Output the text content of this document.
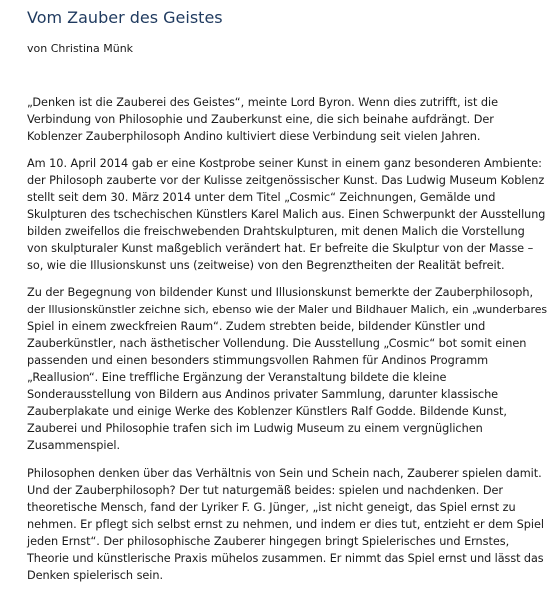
Vom Zauber des Geistes

von Christina Münk

„Denken ist die Zauberei des Geistes“, meinte Lord Byron. Wenn dies zutrifft, ist die

Verbindung von Philosophie und Zauberkunst eine, die sich beinahe aufdrängt. Der

Koblenzer Zauberphilosoph Andino kultiviert diese Verbindung seit vielen Jahren.

Am 10. April 2014 gab er eine Kostprobe seiner Kunst in einem ganz besonderen Ambiente:

der Philosoph zauberte vor der Kulisse zeitgenössischer Kunst. Das Ludwig Museum Koblenz

stellt seit dem 30. März 2014 unter dem Titel „Cosmic“ Zeichnungen, Gemälde und

Skulpturen des tschechischen Künstlers Karel Malich aus. Einen Schwerpunkt der Ausstellung

bilden zweifellos die freischwebenden Drahtskulpturen, mit denen Malich die Vorstellung

von skulpturaler Kunst maßgeblich verändert hat. Er befreite die Skulptur von der Masse –

so, wie die Illusionskunst uns (zeitweise) von den Begrenztheiten der Realität befreit.

Zu der Begegnung von bildender Kunst und Illusionskunst bemerkte der Zauberphilosoph,

der Illusionskünstler zeichne sich, ebenso wie der Maler und Bildhauer Malich, ein „wunderbares

Spiel in einem zweckfreien Raum“. Zudem strebten beide, bildender Künstler und

Zauberkünstler, nach ästhetischer Vollendung. Die Ausstellung „Cosmic“ bot somit einen

passenden und einen besonders stimmungsvollen Rahmen für Andinos Programm

„Reallusion“. Eine treffliche Ergänzung der Veranstaltung bildete die kleine

Sonderausstellung von Bildern aus Andinos privater Sammlung, darunter klassische

Zauberplakate und einige Werke des Koblenzer Künstlers Ralf Godde. Bildende Kunst,

Zauberei und Philosophie trafen sich im Ludwig Museum zu einem vergnüglichen

Zusammenspiel.

Philosophen denken über das Verhältnis von Sein und Schein nach, Zauberer spielen damit.

Und der Zauberphilosoph? Der tut naturgemäß beides: spielen und nachdenken. Der

theoretische Mensch, fand der Lyriker F. G. Jünger, „ist nicht geneigt, das Spiel ernst zu

nehmen. Er pflegt sich selbst ernst zu nehmen, und indem er dies tut, entzieht er dem Spiel

jeden Ernst“. Der philosophische Zauberer hingegen bringt Spielerisches und Ernstes,

Theorie und künstlerische Praxis mühelos zusammen. Er nimmt das Spiel ernst und lässt das

Denken spielerisch sein.
